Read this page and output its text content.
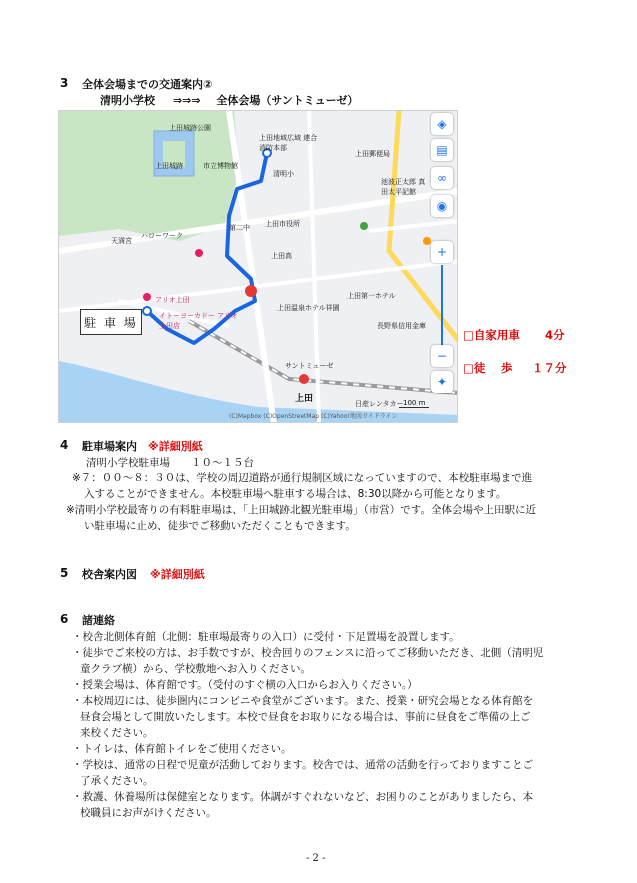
3 全体会場までの交通案内②
清明小学校 ⇒⇒⇒ 全体会場（サントミューゼ）
上田城跡公園
上田城跡	市立博物館
ハローワーク
天満宮
アリオ上田
イトーヨーカドー アリオ上田店
清明小
上田地域広域 連合消防本部
上田市役所
第二中
上田高
上田温泉ホテル祥園
サントミューゼ
上田
長野県信用金庫
上田第一ホテル
日産レンタカー
上田郵便局
池波正太郎 真田太平記館
100 m
(C)Mapbox (C)OpenStreetMap (C)Yahoo!地図ガイドライン
◈
▤
∞
◉
+
−
✦
駐 車 場
□自家用車 4分
□徒　 歩 １７分
4 駐車場案内 ※詳細別紙
清明小学校駐車場　　１０～１５台
※７：００～８：３０は、学校の周辺道路が通行規制区域になっていますので、本校駐車場まで進
入することができません。本校駐車場へ駐車する場合は、8:30以降から可能となります。
※清明小学校最寄りの有料駐車場は、「上田城跡北観光駐車場」（市営）です。全体会場や上田駅に近
い駐車場に止め、徒歩でご移動いただくこともできます。
5 校舎案内図 ※詳細別紙
6 諸連絡
・校舎北側体育館（北側：駐車場最寄りの入口）に受付・下足置場を設置します。
・徒歩でご来校の方は、お手数ですが、校舎回りのフェンスに沿ってご移動いただき、北側（清明児
童クラブ横）から、学校敷地へお入りください。
・授業会場は、体育館です。（受付のすぐ横の入口からお入りください。）
・本校周辺には、徒歩圏内にコンビニや食堂がございます。また、授業・研究会場となる体育館を
昼食会場として開放いたします。本校で昼食をお取りになる場合は、事前に昼食をご準備の上ご
来校ください。
・トイレは、体育館トイレをご使用ください。
・学校は、通常の日程で児童が活動しております。校舎では、通常の活動を行っておりますことご
了承ください。
・救護、休養場所は保健室となります。体調がすぐれないなど、お困りのことがありましたら、本
校職員にお声がけください。
- 2 -
